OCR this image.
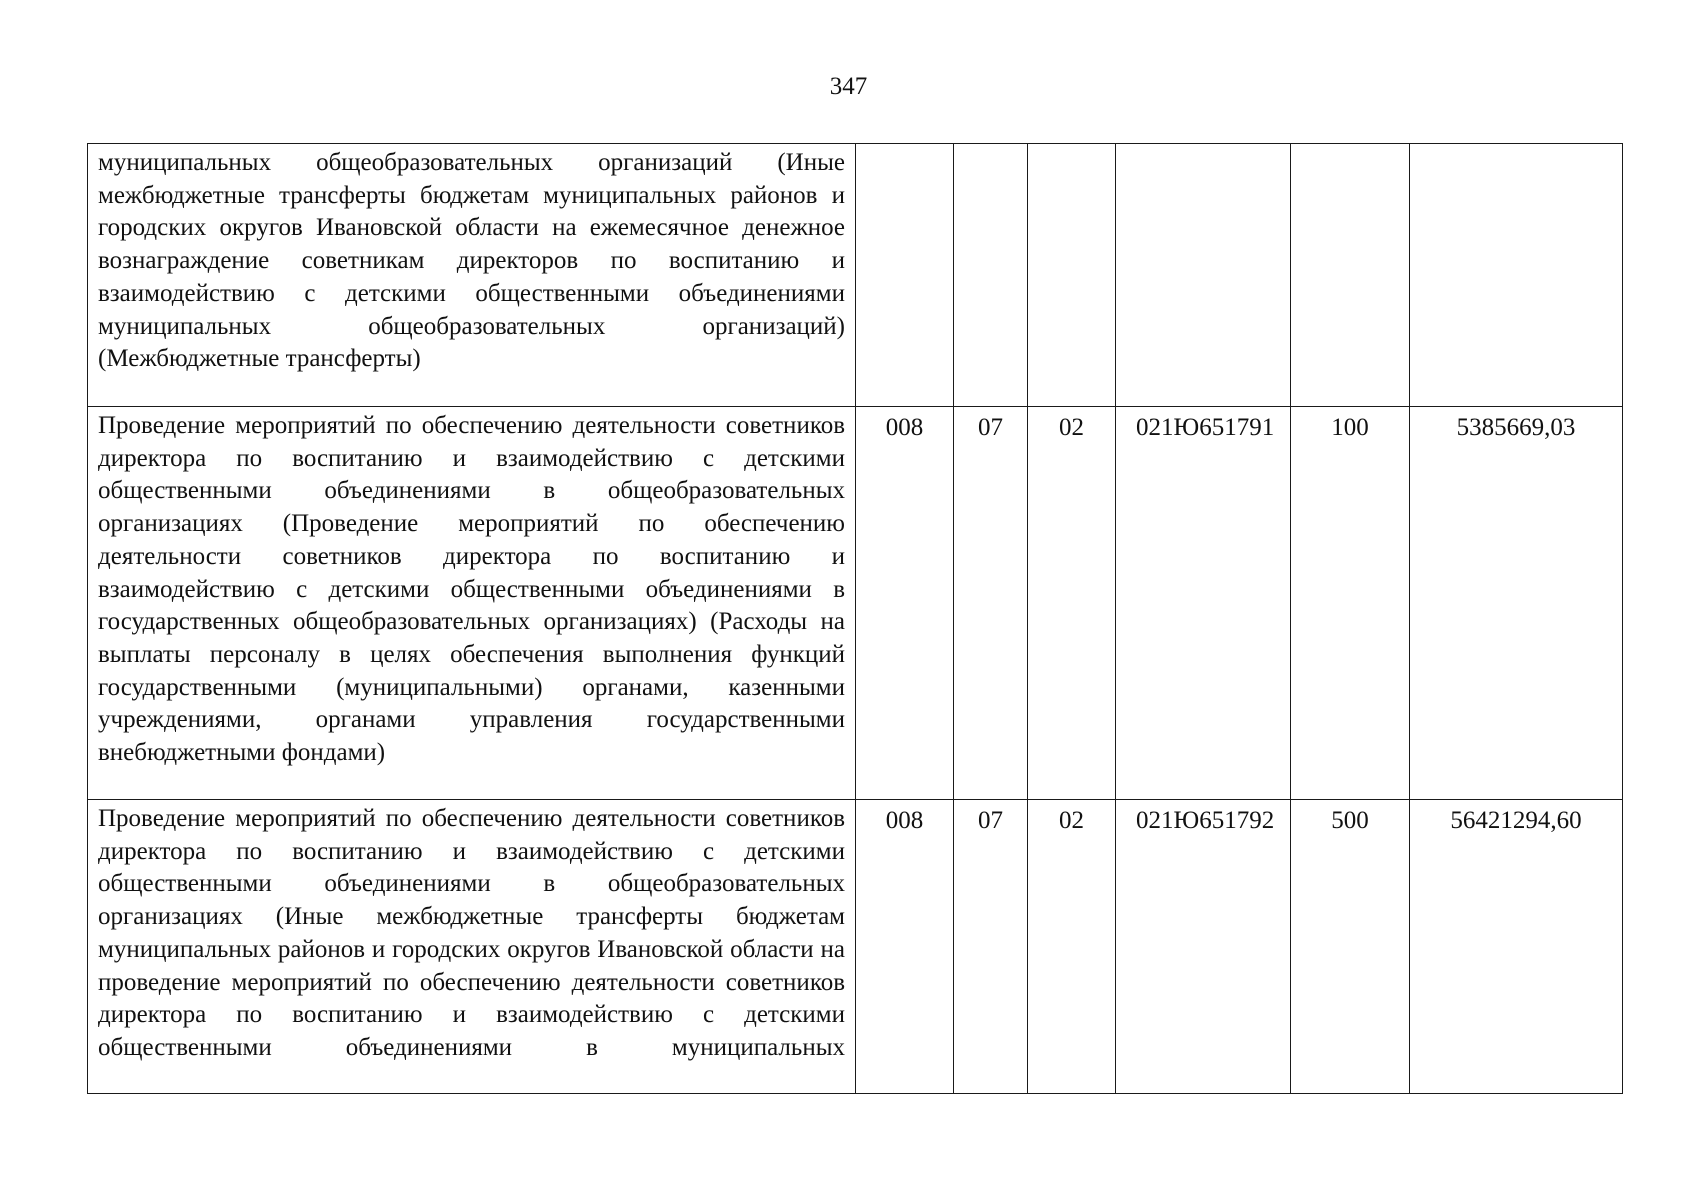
347
муниципальных общеобразовательных организаций (Иные межбюджетные трансферты бюджетам муниципальных районов и городских округов Ивановской области на ежемесячное денежное вознаграждение советникам директоров по воспитанию и взаимодействию с детскими общественными объединениями муниципальных общеобразовательных организаций) (Межбюджетные трансферты)						
Проведение мероприятий по обеспечению деятельности советников директора по воспитанию и взаимодействию с детскими общественными объединениями в общеобразовательных организациях (Проведение мероприятий по обеспечению деятельности советников директора по воспитанию и взаимодействию с детскими общественными объединениями в государственных общеобразовательных организациях) (Расходы на выплаты персоналу в целях обеспечения выполнения функций государственными (муниципальными) органами, казенными учреждениями, органами управления государственными внебюджетными фондами)	008	07	02	021Ю651791	100	5385669,03
Проведение мероприятий по обеспечению деятельности советников директора по воспитанию и взаимодействию с детскими общественными объединениями в общеобразовательных организациях (Иные межбюджетные трансферты бюджетам муниципальных районов и городских округов Ивановской области на проведение мероприятий по обеспечению деятельности советников директора по воспитанию и взаимодействию с детскими общественными объединениями в муниципальных	008	07	02	021Ю651792	500	56421294,60
